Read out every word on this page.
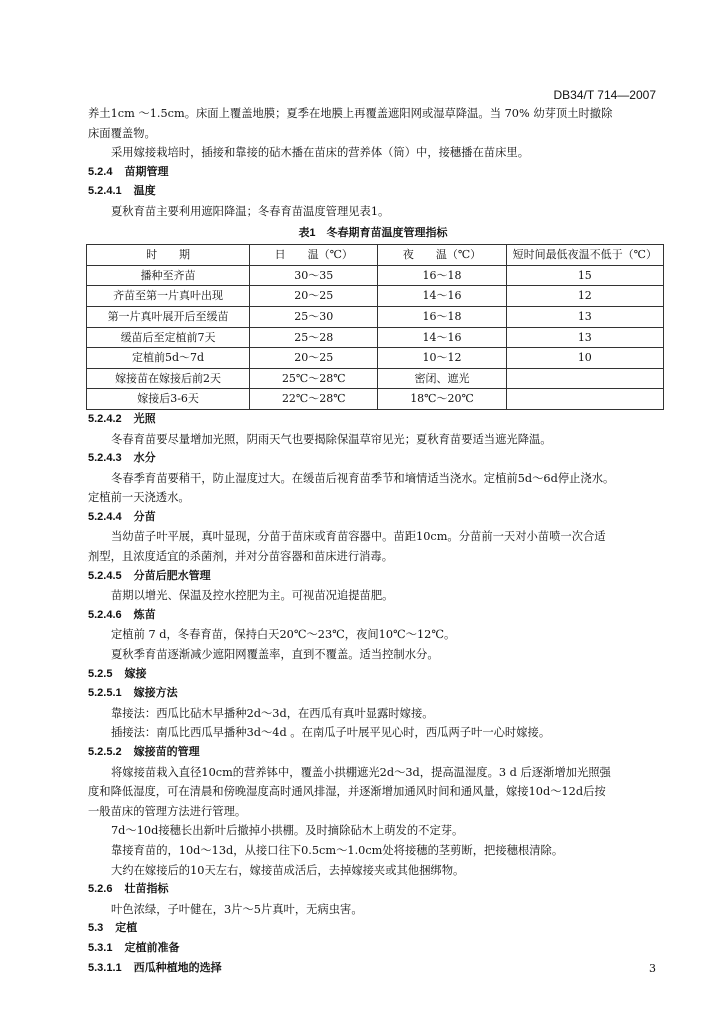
DB34/T 714—2007

养土1cm ～1.5cm。床面上覆盖地膜；夏季在地膜上再覆盖遮阳网或湿草降温。当 70% 幼芽顶土时撤除

床面覆盖物。

采用嫁接栽培时，插接和靠接的砧木播在苗床的营养体（筒）中，接穗播在苗床里。

5.2.4 苗期管理

5.2.4.1 温度

夏秋育苗主要利用遮阳降温；冬春育苗温度管理见表1。

表1　冬春期育苗温度管理指标
时　　期	日　　温（℃）	夜　　温（℃）	短时间最低夜温不低于（℃）
播种至齐苗	30～35	16～18	15
齐苗至第一片真叶出现	20～25	14～16	12
第一片真叶展开后至缓苗	25～30	16～18	13
缓苗后至定植前7天	25～28	14～16	13
定植前5d～7d	20～25	10～12	10
嫁接苗在嫁接后前2天	25℃～28℃	密闭、遮光	
嫁接后3-6天	22℃～28℃	18℃～20℃	

5.2.4.2 光照

冬春育苗要尽量增加光照，阴雨天气也要揭除保温草帘见光；夏秋育苗要适当遮光降温。

5.2.4.3 水分

冬春季育苗要稍干，防止湿度过大。在缓苗后视育苗季节和墒情适当浇水。定植前5d～6d停止浇水。

定植前一天浇透水。

5.2.4.4 分苗

当幼苗子叶平展，真叶显现，分苗于苗床或育苗容器中。苗距10cm。分苗前一天对小苗喷一次合适

剂型，且浓度适宜的杀菌剂，并对分苗容器和苗床进行消毒。

5.2.4.5 分苗后肥水管理

苗期以增光、保温及控水控肥为主。可视苗况追提苗肥。

5.2.4.6 炼苗

定植前 7 d，冬春育苗，保持白天20℃～23℃，夜间10℃～12℃。

夏秋季育苗逐渐减少遮阳网覆盖率，直到不覆盖。适当控制水分。

5.2.5 嫁接

5.2.5.1 嫁接方法

靠接法：西瓜比砧木早播种2d～3d，在西瓜有真叶显露时嫁接。

插接法：南瓜比西瓜早播种3d～4d 。在南瓜子叶展平见心时，西瓜两子叶一心时嫁接。

5.2.5.2 嫁接苗的管理

将嫁接苗栽入直径10cm的营养钵中，覆盖小拱棚遮光2d～3d，提高温湿度。3 d 后逐渐增加光照强

度和降低湿度，可在清晨和傍晚湿度高时通风排湿，并逐渐增加通风时间和通风量，嫁接10d～12d后按

一般苗床的管理方法进行管理。

7d～10d接穗长出新叶后撤掉小拱棚。及时摘除砧木上萌发的不定芽。

靠接育苗的，10d～13d，从接口往下0.5cm～1.0cm处将接穗的茎剪断，把接穗根清除。

大约在嫁接后的10天左右，嫁接苗成活后，去掉嫁接夹或其他捆绑物。

5.2.6 壮苗指标

叶色浓绿，子叶健在，3片～5片真叶，无病虫害。

5.3 定植

5.3.1 定植前准备

5.3.1.1 西瓜种植地的选择	3
